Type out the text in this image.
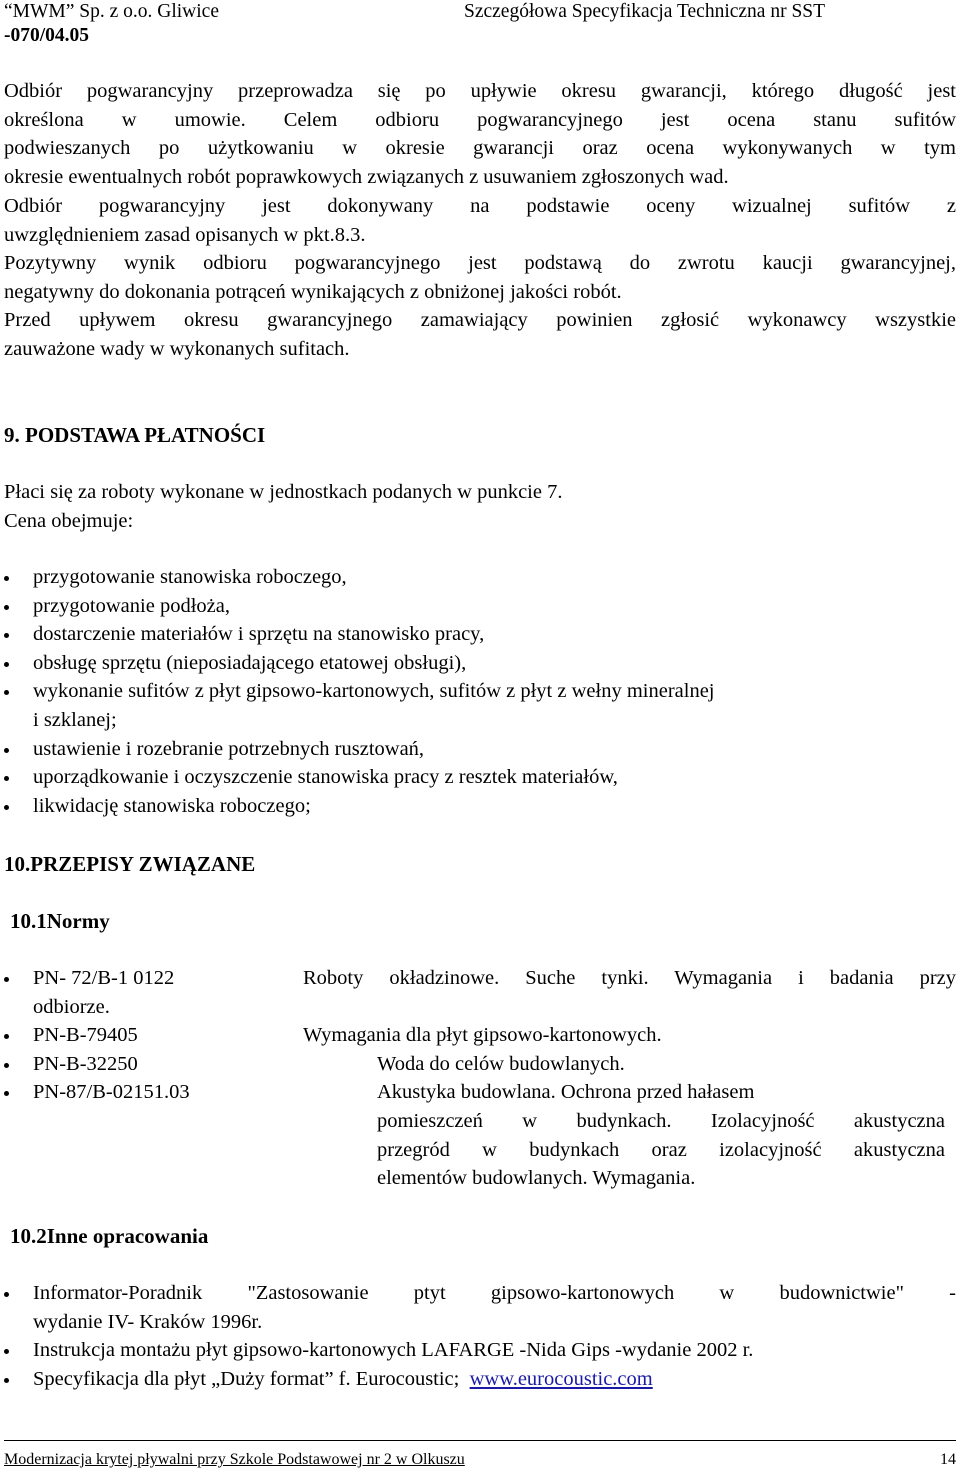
“MWM” Sp. z o.o. Gliwice	Szczegółowa Specyfikacja Techniczna nr SST
-070/04.05
Odbiór pogwarancyjny przeprowadza się po upływie okresu gwarancji, którego długość jest
określona w umowie. Celem odbioru pogwarancyjnego jest ocena stanu sufitów
podwieszanych po użytkowaniu w okresie gwarancji oraz ocena wykonywanych w tym
okresie ewentualnych robót poprawkowych związanych z usuwaniem zgłoszonych wad.
Odbiór pogwarancyjny jest dokonywany na podstawie oceny wizualnej sufitów z
uwzględnieniem zasad opisanych w pkt.8.3.
Pozytywny wynik odbioru pogwarancyjnego jest podstawą do zwrotu kaucji gwarancyjnej,
negatywny do dokonania potrąceń wynikających z obniżonej jakości robót.
Przed upływem okresu gwarancyjnego zamawiający powinien zgłosić wykonawcy wszystkie
zauważone wady w wykonanych sufitach.
9. PODSTAWA PŁATNOŚCI
Płaci się za roboty wykonane w jednostkach podanych w punkcie 7.
Cena obejmuje:
przygotowanie stanowiska roboczego,
przygotowanie podłoża,
dostarczenie materiałów i sprzętu na stanowisko pracy,
obsługę sprzętu (nieposiadającego etatowej obsługi),
wykonanie sufitów z płyt gipsowo-kartonowych, sufitów z płyt z wełny mineralnej
i szklanej;
ustawienie i rozebranie potrzebnych rusztowań,
uporządkowanie i oczyszczenie stanowiska pracy z resztek materiałów,
likwidację stanowiska roboczego;
10.PRZEPISY ZWIĄZANE
10.1Normy
PN- 72/B-1 0122	Roboty okładzinowe. Suche tynki. Wymagania i badania przy
odbiorze.
PN-B-79405	Wymagania dla płyt gipsowo-kartonowych.
PN-B-32250	Woda do celów budowlanych.
PN-87/B-02151.03	Akustyka budowlana. Ochrona przed hałasem
pomieszczeń w budynkach. Izolacyjność akustyczna
przegród w budynkach oraz izolacyjność akustyczna
elementów budowlanych. Wymagania.
10.2Inne opracowania
Informator-Poradnik "Zastosowanie ptyt gipsowo-kartonowych w budownictwie" -
wydanie IV- Kraków 1996r.
Instrukcja montażu płyt gipsowo-kartonowych LAFARGE -Nida Gips -wydanie 2002 r.
Specyfikacja dla płyt „Duży format” f. Eurocoustic; www.eurocoustic.com
Modernizacja krytej pływalni przy Szkole Podstawowej nr 2 w Olkuszu	14
